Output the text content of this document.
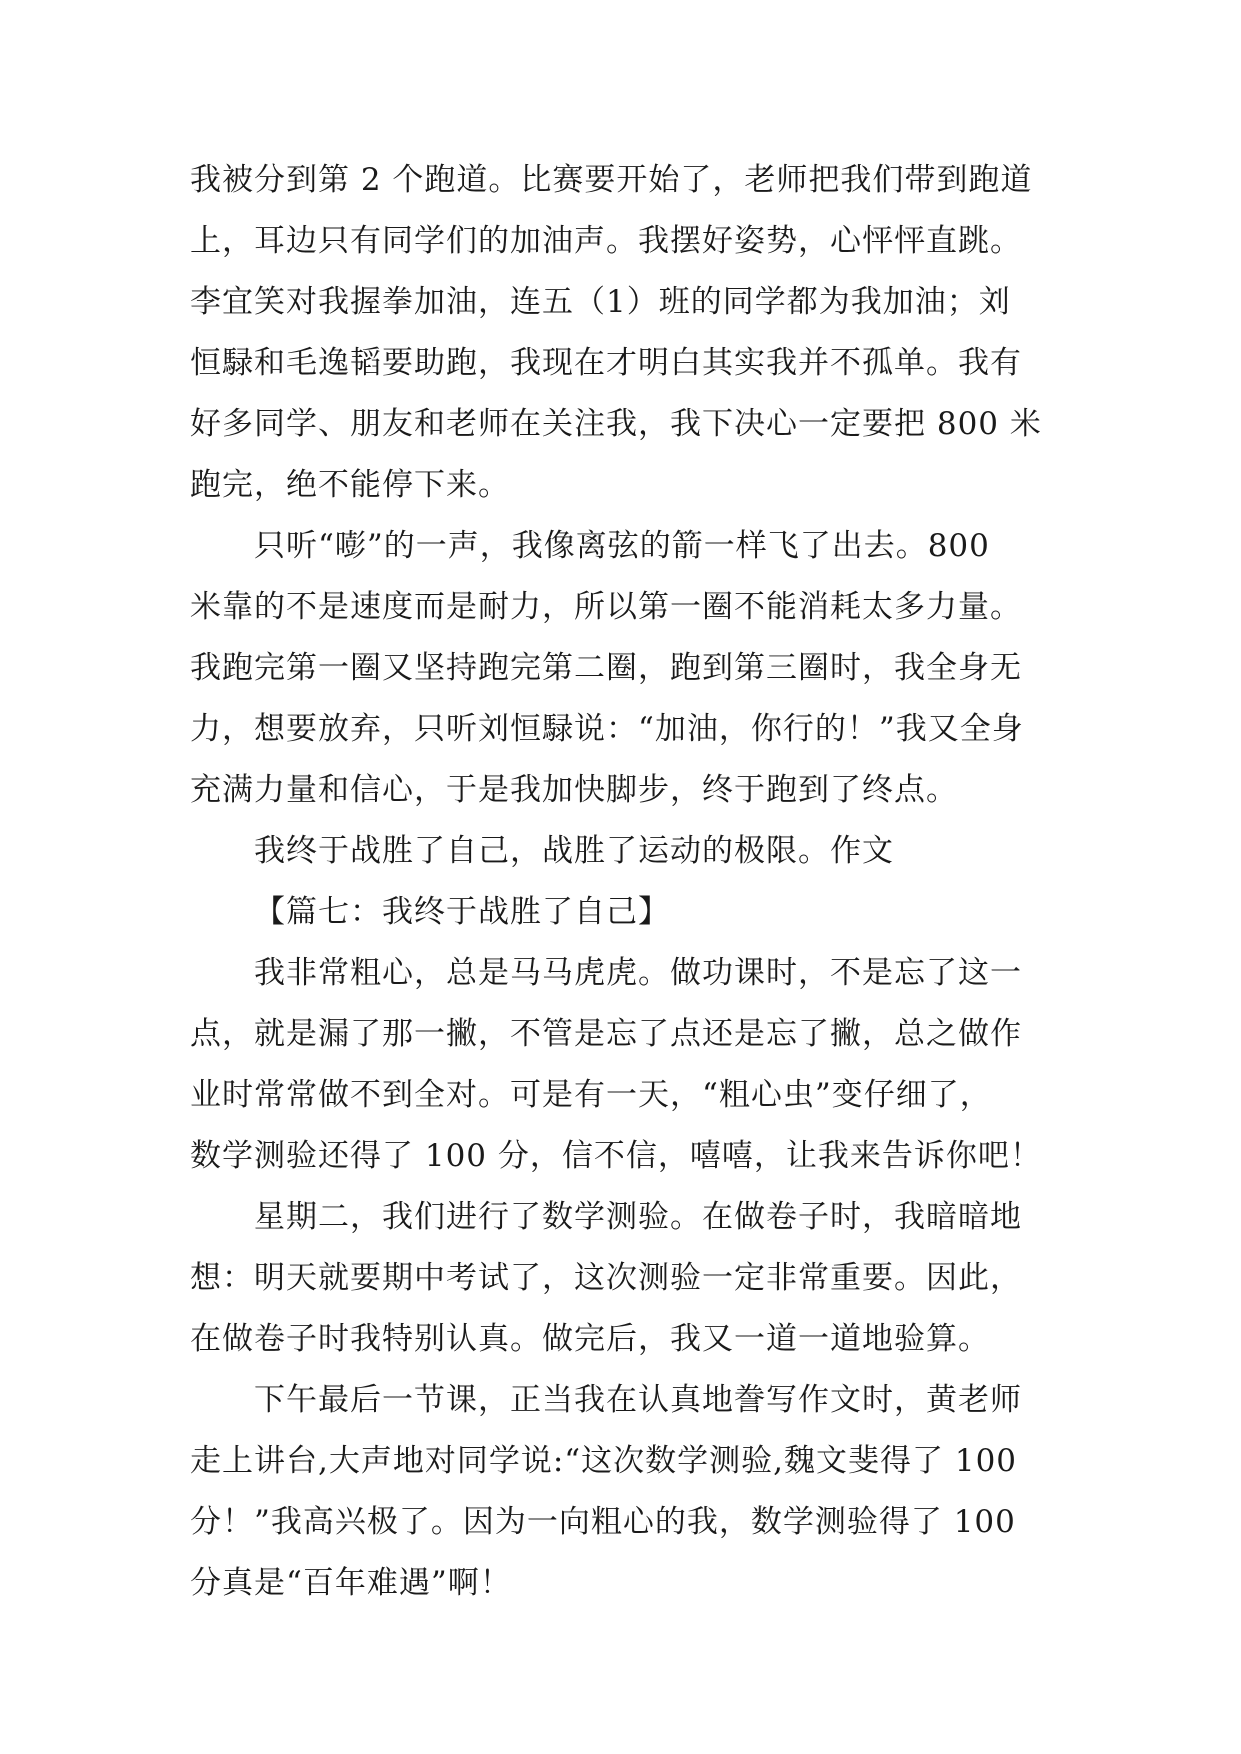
我被分到第 2 个跑道。比赛要开始了，老师把我们带到跑道
上，耳边只有同学们的加油声。我摆好姿势，心怦怦直跳。
李宜笑对我握拳加油，连五（1）班的同学都为我加油；刘
恒騄和毛逸韬要助跑，我现在才明白其实我并不孤单。我有
好多同学、朋友和老师在关注我，我下决心一定要把 800 米
跑完，绝不能停下来。
只听“嘭”的一声，我像离弦的箭一样飞了出去。800
米靠的不是速度而是耐力，所以第一圈不能消耗太多力量。
我跑完第一圈又坚持跑完第二圈，跑到第三圈时，我全身无
力，想要放弃，只听刘恒騄说：“加油，你行的！”我又全身
充满力量和信心，于是我加快脚步，终于跑到了终点。
我终于战胜了自己，战胜了运动的极限。作文
【篇七：我终于战胜了自己】
我非常粗心，总是马马虎虎。做功课时，不是忘了这一
点，就是漏了那一撇，不管是忘了点还是忘了撇，总之做作
业时常常做不到全对。可是有一天，“粗心虫”变仔细了，
数学测验还得了 100 分，信不信，嘻嘻，让我来告诉你吧！
星期二，我们进行了数学测验。在做卷子时，我暗暗地
想：明天就要期中考试了，这次测验一定非常重要。因此，
在做卷子时我特别认真。做完后，我又一道一道地验算。
下午最后一节课，正当我在认真地誊写作文时，黄老师
走上讲台,大声地对同学说:“这次数学测验,魏文斐得了 100
分！”我高兴极了。因为一向粗心的我，数学测验得了 100
分真是“百年难遇”啊！
